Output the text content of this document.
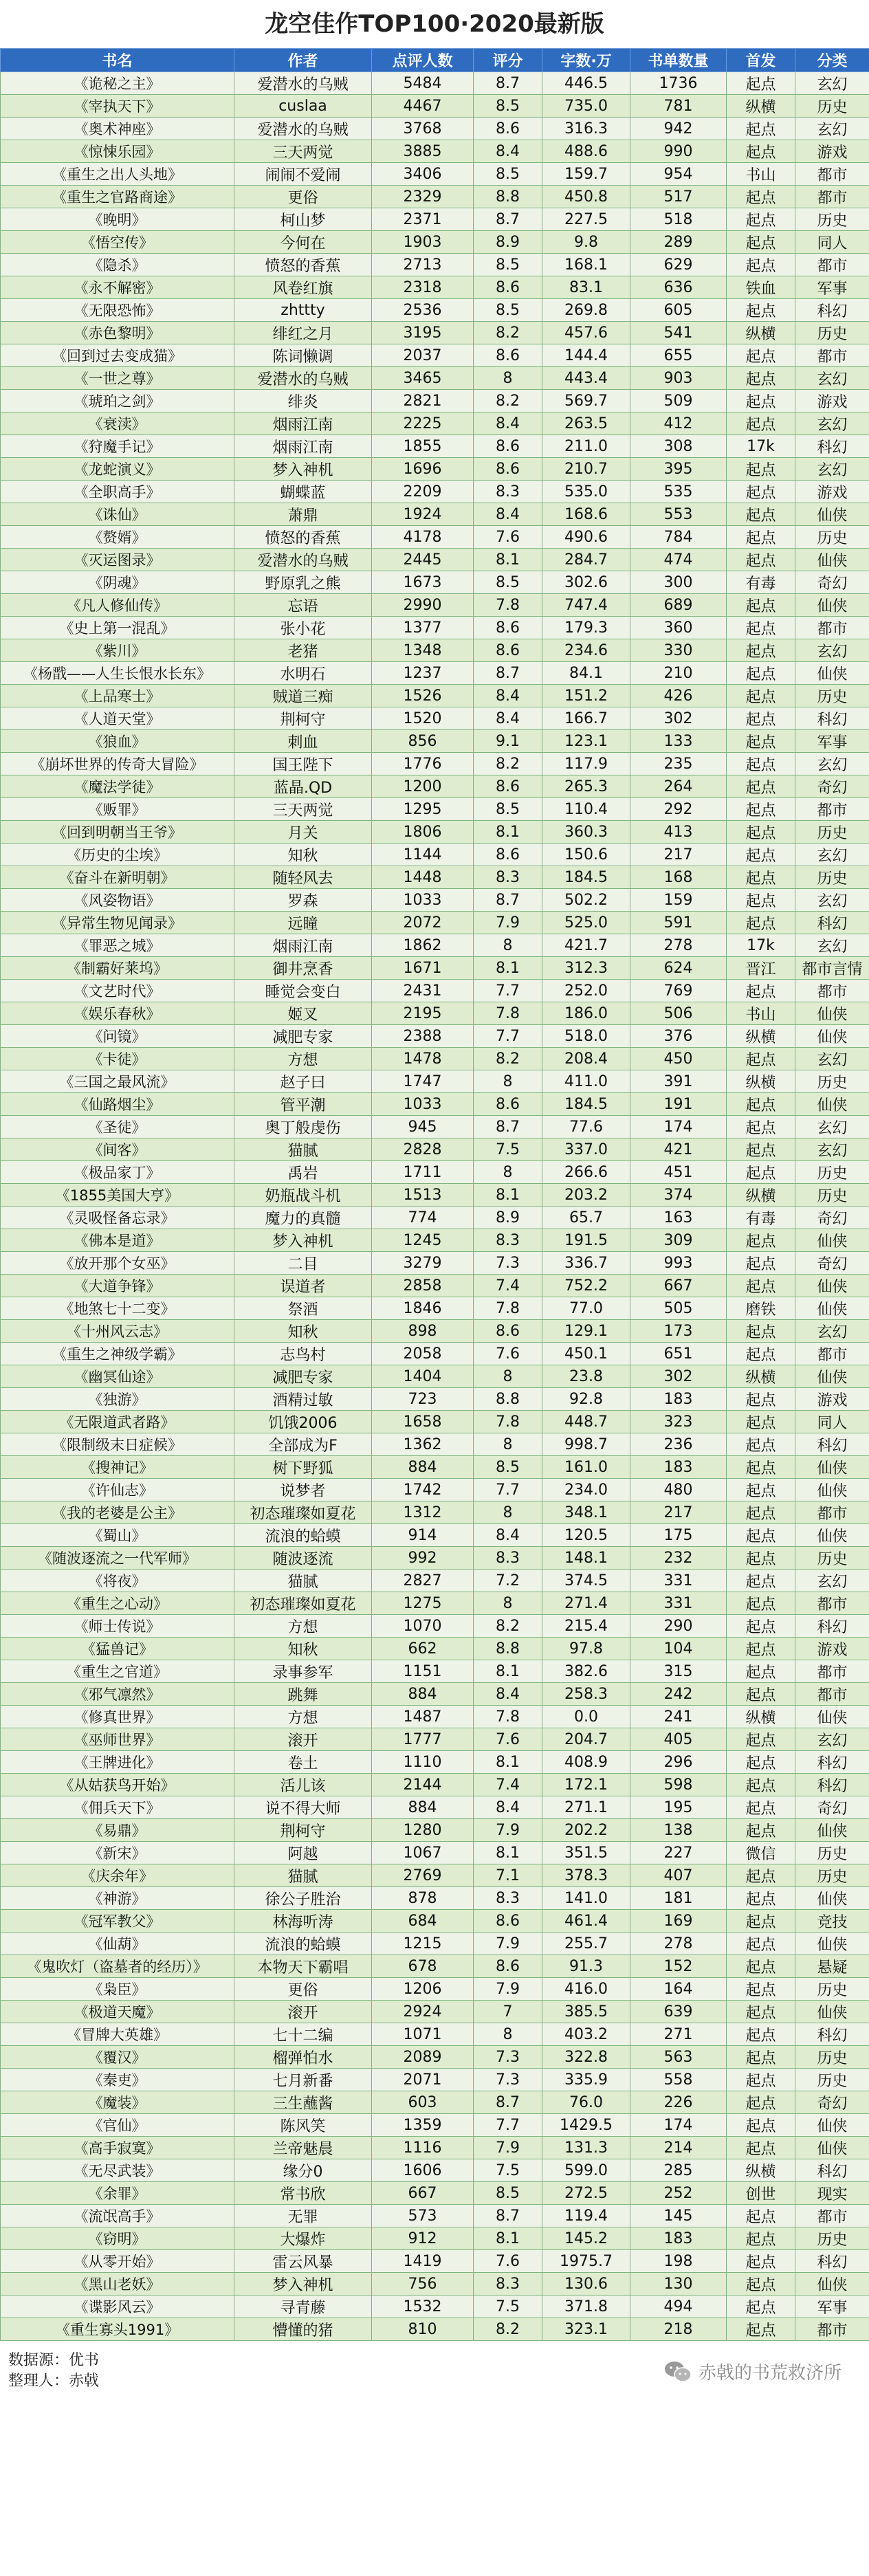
龙空佳作TOP100·2020最新版
书名	作者	点评人数	评分	字数·万	书单数量	首发	分类
《诡秘之主》	爱潜水的乌贼	5484	8.7	446.5	1736	起点	玄幻
《宰执天下》	cuslaa	4467	8.5	735.0	781	纵横	历史
《奥术神座》	爱潜水的乌贼	3768	8.6	316.3	942	起点	玄幻
《惊悚乐园》	三天两觉	3885	8.4	488.6	990	起点	游戏
《重生之出人头地》	闹闹不爱闹	3406	8.5	159.7	954	书山	都市
《重生之官路商途》	更俗	2329	8.8	450.8	517	起点	都市
《晚明》	柯山梦	2371	8.7	227.5	518	起点	历史
《悟空传》	今何在	1903	8.9	9.8	289	起点	同人
《隐杀》	愤怒的香蕉	2713	8.5	168.1	629	起点	都市
《永不解密》	风卷红旗	2318	8.6	83.1	636	铁血	军事
《无限恐怖》	zhttty	2536	8.5	269.8	605	起点	科幻
《赤色黎明》	绯红之月	3195	8.2	457.6	541	纵横	历史
《回到过去变成猫》	陈词懒调	2037	8.6	144.4	655	起点	都市
《一世之尊》	爱潜水的乌贼	3465	8	443.4	903	起点	玄幻
《琥珀之剑》	绯炎	2821	8.2	569.7	509	起点	游戏
《衰渎》	烟雨江南	2225	8.4	263.5	412	起点	玄幻
《狩魔手记》	烟雨江南	1855	8.6	211.0	308	17k	科幻
《龙蛇演义》	梦入神机	1696	8.6	210.7	395	起点	玄幻
《全职高手》	蝴蝶蓝	2209	8.3	535.0	535	起点	游戏
《诛仙》	萧鼎	1924	8.4	168.6	553	起点	仙侠
《赘婿》	愤怒的香蕉	4178	7.6	490.6	784	起点	历史
《灭运图录》	爱潜水的乌贼	2445	8.1	284.7	474	起点	仙侠
《阴魂》	野原乳之熊	1673	8.5	302.6	300	有毒	奇幻
《凡人修仙传》	忘语	2990	7.8	747.4	689	起点	仙侠
《史上第一混乱》	张小花	1377	8.6	179.3	360	起点	都市
《紫川》	老猪	1348	8.6	234.6	330	起点	玄幻
《杨戬——人生长恨水长东》	水明石	1237	8.7	84.1	210	起点	仙侠
《上品寒士》	贼道三痴	1526	8.4	151.2	426	起点	历史
《人道天堂》	荆柯守	1520	8.4	166.7	302	起点	科幻
《狼血》	刺血	856	9.1	123.1	133	起点	军事
《崩坏世界的传奇大冒险》	国王陛下	1776	8.2	117.9	235	起点	玄幻
《魔法学徒》	蓝晶.QD	1200	8.6	265.3	264	起点	奇幻
《贩罪》	三天两觉	1295	8.5	110.4	292	起点	都市
《回到明朝当王爷》	月关	1806	8.1	360.3	413	起点	历史
《历史的尘埃》	知秋	1144	8.6	150.6	217	起点	玄幻
《奋斗在新明朝》	随轻风去	1448	8.3	184.5	168	起点	历史
《风姿物语》	罗森	1033	8.7	502.2	159	起点	玄幻
《异常生物见闻录》	远瞳	2072	7.9	525.0	591	起点	科幻
《罪恶之城》	烟雨江南	1862	8	421.7	278	17k	玄幻
《制霸好莱坞》	御井烹香	1671	8.1	312.3	624	晋江	都市言情
《文艺时代》	睡觉会变白	2431	7.7	252.0	769	起点	都市
《娱乐春秋》	姬叉	2195	7.8	186.0	506	书山	仙侠
《问镜》	减肥专家	2388	7.7	518.0	376	纵横	仙侠
《卡徒》	方想	1478	8.2	208.4	450	起点	玄幻
《三国之最风流》	赵子曰	1747	8	411.0	391	纵横	历史
《仙路烟尘》	管平潮	1033	8.6	184.5	191	起点	仙侠
《圣徒》	奥丁般虔伤	945	8.7	77.6	174	起点	玄幻
《间客》	猫腻	2828	7.5	337.0	421	起点	玄幻
《极品家丁》	禹岩	1711	8	266.6	451	起点	历史
《1855美国大亨》	奶瓶战斗机	1513	8.1	203.2	374	纵横	历史
《灵吸怪备忘录》	魔力的真髓	774	8.9	65.7	163	有毒	奇幻
《佛本是道》	梦入神机	1245	8.3	191.5	309	起点	仙侠
《放开那个女巫》	二目	3279	7.3	336.7	993	起点	奇幻
《大道争锋》	误道者	2858	7.4	752.2	667	起点	仙侠
《地煞七十二变》	祭酒	1846	7.8	77.0	505	磨铁	仙侠
《十州风云志》	知秋	898	8.6	129.1	173	起点	玄幻
《重生之神级学霸》	志鸟村	2058	7.6	450.1	651	起点	都市
《幽冥仙途》	减肥专家	1404	8	23.8	302	纵横	仙侠
《独游》	酒精过敏	723	8.8	92.8	183	起点	游戏
《无限道武者路》	饥饿2006	1658	7.8	448.7	323	起点	同人
《限制级末日症候》	全部成为F	1362	8	998.7	236	起点	科幻
《搜神记》	树下野狐	884	8.5	161.0	183	起点	仙侠
《许仙志》	说梦者	1742	7.7	234.0	480	起点	仙侠
《我的老婆是公主》	初态璀璨如夏花	1312	8	348.1	217	起点	都市
《蜀山》	流浪的蛤蟆	914	8.4	120.5	175	起点	仙侠
《随波逐流之一代军师》	随波逐流	992	8.3	148.1	232	起点	历史
《将夜》	猫腻	2827	7.2	374.5	331	起点	玄幻
《重生之心动》	初态璀璨如夏花	1275	8	271.4	331	起点	都市
《师士传说》	方想	1070	8.2	215.4	290	起点	科幻
《猛兽记》	知秋	662	8.8	97.8	104	起点	游戏
《重生之官道》	录事参军	1151	8.1	382.6	315	起点	都市
《邪气凛然》	跳舞	884	8.4	258.3	242	起点	都市
《修真世界》	方想	1487	7.8	0.0	241	纵横	仙侠
《巫师世界》	滚开	1777	7.6	204.7	405	起点	玄幻
《王牌进化》	卷土	1110	8.1	408.9	296	起点	科幻
《从姑获鸟开始》	活儿该	2144	7.4	172.1	598	起点	科幻
《佣兵天下》	说不得大师	884	8.4	271.1	195	起点	奇幻
《易鼎》	荆柯守	1280	7.9	202.2	138	起点	仙侠
《新宋》	阿越	1067	8.1	351.5	227	微信	历史
《庆余年》	猫腻	2769	7.1	378.3	407	起点	历史
《神游》	徐公子胜治	878	8.3	141.0	181	起点	仙侠
《冠军教父》	林海听涛	684	8.6	461.4	169	起点	竞技
《仙葫》	流浪的蛤蟆	1215	7.9	255.7	278	起点	仙侠
《鬼吹灯（盗墓者的经历）》	本物天下霸唱	678	8.6	91.3	152	起点	悬疑
《枭臣》	更俗	1206	7.9	416.0	164	起点	历史
《极道天魔》	滚开	2924	7	385.5	639	起点	仙侠
《冒牌大英雄》	七十二编	1071	8	403.2	271	起点	科幻
《覆汉》	榴弹怕水	2089	7.3	322.8	563	起点	历史
《秦吏》	七月新番	2071	7.3	335.9	558	起点	历史
《魔装》	三生蘸酱	603	8.7	76.0	226	起点	奇幻
《官仙》	陈风笑	1359	7.7	1429.5	174	起点	仙侠
《高手寂寞》	兰帝魅晨	1116	7.9	131.3	214	起点	仙侠
《无尽武装》	缘分0	1606	7.5	599.0	285	纵横	科幻
《余罪》	常书欣	667	8.5	272.5	252	创世	现实
《流氓高手》	无罪	573	8.7	119.4	145	起点	都市
《窃明》	大爆炸	912	8.1	145.2	183	起点	历史
《从零开始》	雷云风暴	1419	7.6	1975.7	198	起点	科幻
《黑山老妖》	梦入神机	756	8.3	130.6	130	起点	仙侠
《谍影风云》	寻青藤	1532	7.5	371.8	494	起点	军事
《重生寡头1991》	懵懂的猪	810	8.2	323.1	218	起点	都市
数据源：优书
整理人：赤戟	赤戟的书荒救济所
